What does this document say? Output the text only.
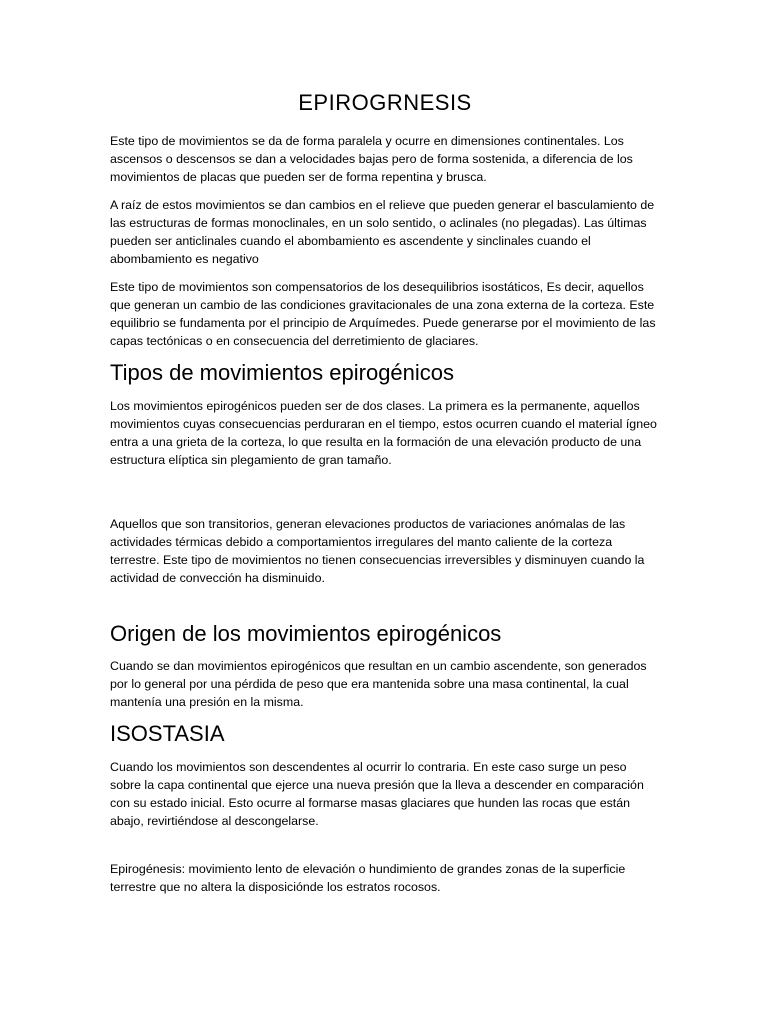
EPIROGRNESIS

Este tipo de movimientos se da de forma paralela y ocurre en dimensiones continentales. Los ascensos o descensos se dan a velocidades bajas pero de forma sostenida, a diferencia de los movimientos de placas que pueden ser de forma repentina y brusca.

A raíz de estos movimientos se dan cambios en el relieve que pueden generar el basculamiento de las estructuras de formas monoclinales, en un solo sentido, o aclinales (no plegadas). Las últimas pueden ser anticlinales cuando el abombamiento es ascendente y sinclinales cuando el abombamiento es negativo

Este tipo de movimientos son compensatorios de los desequilibrios isostáticos, Es decir, aquellos que generan un cambio de las condiciones gravitacionales de una zona externa de la corteza. Este equilibrio se fundamenta por el principio de Arquímedes. Puede generarse por el movimiento de las capas tectónicas o en consecuencia del derretimiento de glaciares.

Tipos de movimientos epirogénicos

Los movimientos epirogénicos pueden ser de dos clases. La primera es la permanente, aquellos movimientos cuyas consecuencias perduraran en el tiempo, estos ocurren cuando el material ígneo entra a una grieta de la corteza, lo que resulta en la formación de una elevación producto de una estructura elíptica sin plegamiento de gran tamaño.

Aquellos que son transitorios, generan elevaciones productos de variaciones anómalas de las actividades térmicas debido a comportamientos irregulares del manto caliente de la corteza terrestre. Este tipo de movimientos no tienen consecuencias irreversibles y disminuyen cuando la actividad de convección ha disminuido.

Origen de los movimientos epirogénicos

Cuando se dan movimientos epirogénicos que resultan en un cambio ascendente, son generados por lo general por una pérdida de peso que era mantenida sobre una masa continental, la cual mantenía una presión en la misma.

ISOSTASIA

Cuando los movimientos son descendentes al ocurrir lo contraria. En este caso surge un peso sobre la capa continental que ejerce una nueva presión que la lleva a descender en comparación con su estado inicial. Esto ocurre al formarse masas glaciares que hunden las rocas que están abajo, revirtiéndose al descongelarse.

Epirogénesis: movimiento lento de elevación o hundimiento de grandes zonas de la superficie terrestre que no altera la disposicióndе los estratos rocosos.
